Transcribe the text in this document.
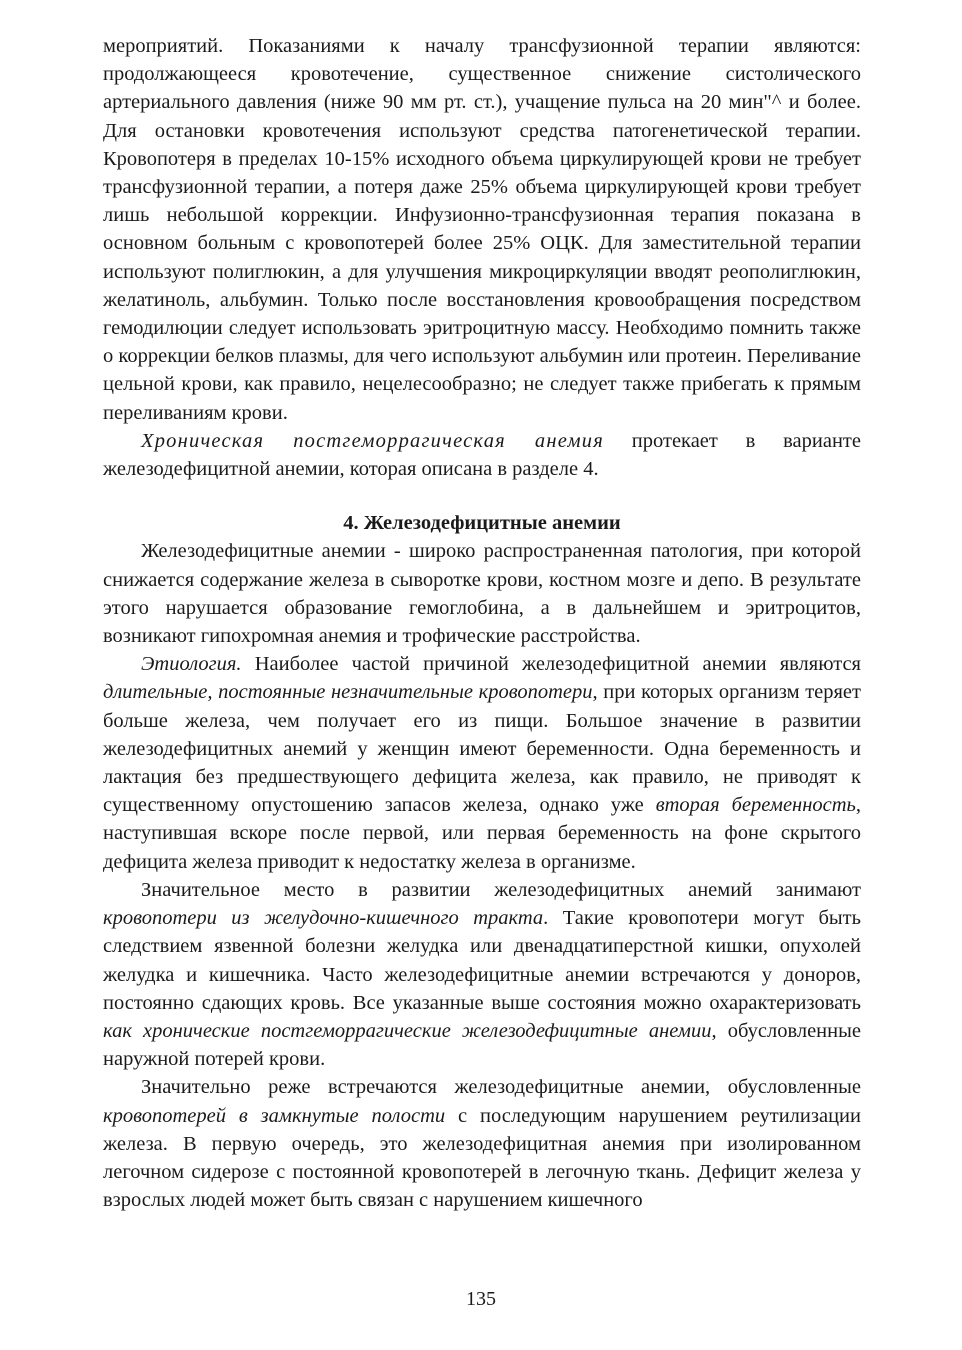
мероприятий. Показаниями к началу трансфузионной терапии являются: продолжающееся кровотечение, существенное снижение систолического артериального давления (ниже 90 мм рт. ст.), учащение пульса на 20 мин"^ и более. Для остановки кровотечения используют средства патогенетической терапии. Кровопотеря в пределах 10-15% исходного объема циркулирующей крови не требует трансфузионной терапии, а потеря даже 25% объема циркулирующей крови требует лишь небольшой коррекции. Инфузионно-трансфузионная терапия показана в основном больным с кровопотерей более 25% ОЦК. Для заместительной терапии используют полиглюкин, а для улучшения микроциркуляции вводят реополиглюкин, желатиноль, альбумин. Только после восстановления кровообращения посредством гемодилюции следует использовать эритроцитную массу. Необходимо помнить также о коррекции белков плазмы, для чего используют альбумин или протеин. Переливание цельной крови, как правило, нецелесообразно; не следует также прибегать к прямым переливаниям крови.

Хроническая постгеморрагическая анемия протекает в варианте железодефицитной анемии, которая описана в разделе 4.

4. Железодефицитные анемии

Железодефицитные анемии - широко распространенная патология, при которой снижается содержание железа в сыворотке крови, костном мозге и депо. В результате этого нарушается образование гемоглобина, а в дальнейшем и эритроцитов, возникают гипохромная анемия и трофические расстройства.

Этиология. Наиболее частой причиной железодефицитной анемии являются длительные, постоянные незначительные кровопотери, при которых организм теряет больше железа, чем получает его из пищи. Большое значение в развитии железодефицитных анемий у женщин имеют беременности. Одна беременность и лактация без предшествующего дефицита железа, как правило, не приводят к существенному опустошению запасов железа, однако уже вторая беременность, наступившая вскоре после первой, или первая беременность на фоне скрытого дефицита железа приводит к недостатку железа в организме.

Значительное место в развитии железодефицитных анемий занимают кровопотери из желудочно-кишечного тракта. Такие кровопотери могут быть следствием язвенной болезни желудка или двенадцатиперстной кишки, опухолей желудка и кишечника. Часто железодефицитные анемии встречаются у доноров, постоянно сдающих кровь. Все указанные выше состояния можно охарактеризовать как хронические постгеморрагические железодефицитные анемии, обусловленные наружной потерей крови.

Значительно реже встречаются железодефицитные анемии, обусловленные кровопотерей в замкнутые полости с последующим нарушением реутилизации железа. В первую очередь, это железодефицитная анемия при изолированном легочном сидерозе с постоянной кровопотерей в легочную ткань. Дефицит железа у взрослых людей может быть связан с нарушением кишечного

135
